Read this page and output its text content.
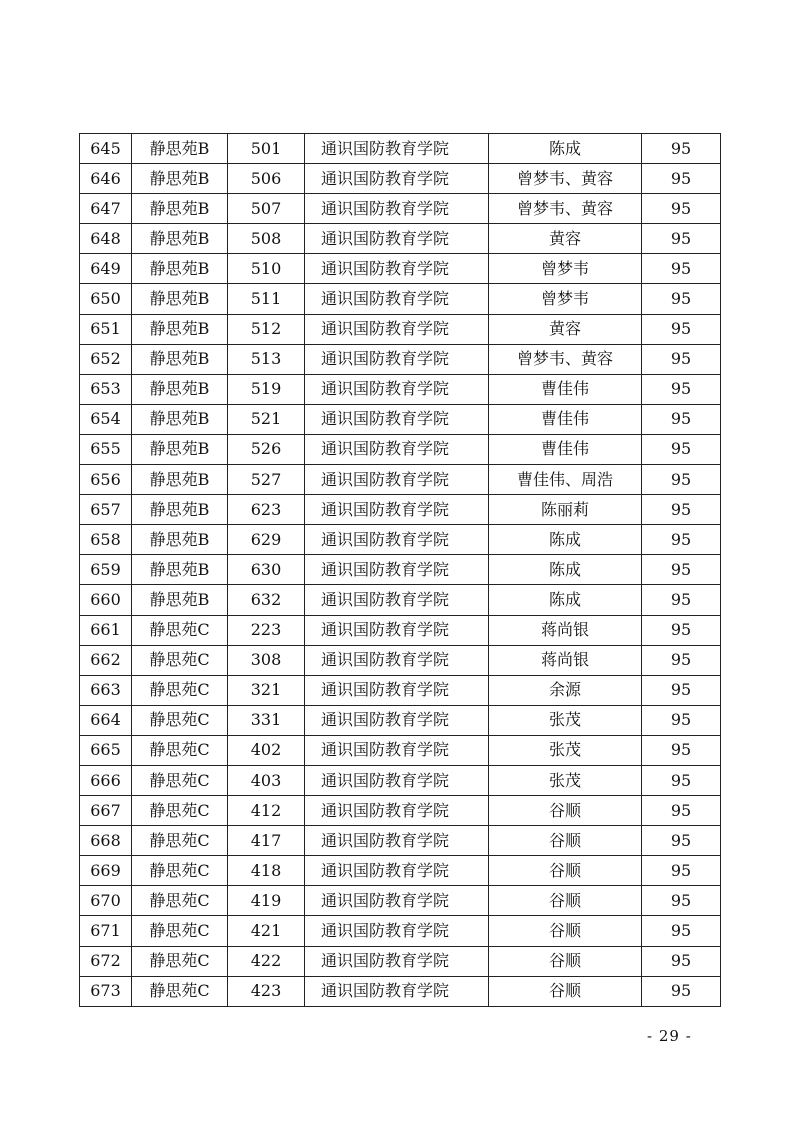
645	静思苑B	501	通识国防教育学院	陈成	95
646	静思苑B	506	通识国防教育学院	曾梦韦、黄容	95
647	静思苑B	507	通识国防教育学院	曾梦韦、黄容	95
648	静思苑B	508	通识国防教育学院	黄容	95
649	静思苑B	510	通识国防教育学院	曾梦韦	95
650	静思苑B	511	通识国防教育学院	曾梦韦	95
651	静思苑B	512	通识国防教育学院	黄容	95
652	静思苑B	513	通识国防教育学院	曾梦韦、黄容	95
653	静思苑B	519	通识国防教育学院	曹佳伟	95
654	静思苑B	521	通识国防教育学院	曹佳伟	95
655	静思苑B	526	通识国防教育学院	曹佳伟	95
656	静思苑B	527	通识国防教育学院	曹佳伟、周浩	95
657	静思苑B	623	通识国防教育学院	陈丽莉	95
658	静思苑B	629	通识国防教育学院	陈成	95
659	静思苑B	630	通识国防教育学院	陈成	95
660	静思苑B	632	通识国防教育学院	陈成	95
661	静思苑C	223	通识国防教育学院	蒋尚银	95
662	静思苑C	308	通识国防教育学院	蒋尚银	95
663	静思苑C	321	通识国防教育学院	余源	95
664	静思苑C	331	通识国防教育学院	张茂	95
665	静思苑C	402	通识国防教育学院	张茂	95
666	静思苑C	403	通识国防教育学院	张茂	95
667	静思苑C	412	通识国防教育学院	谷顺	95
668	静思苑C	417	通识国防教育学院	谷顺	95
669	静思苑C	418	通识国防教育学院	谷顺	95
670	静思苑C	419	通识国防教育学院	谷顺	95
671	静思苑C	421	通识国防教育学院	谷顺	95
672	静思苑C	422	通识国防教育学院	谷顺	95
673	静思苑C	423	通识国防教育学院	谷顺	95
- 29 -
